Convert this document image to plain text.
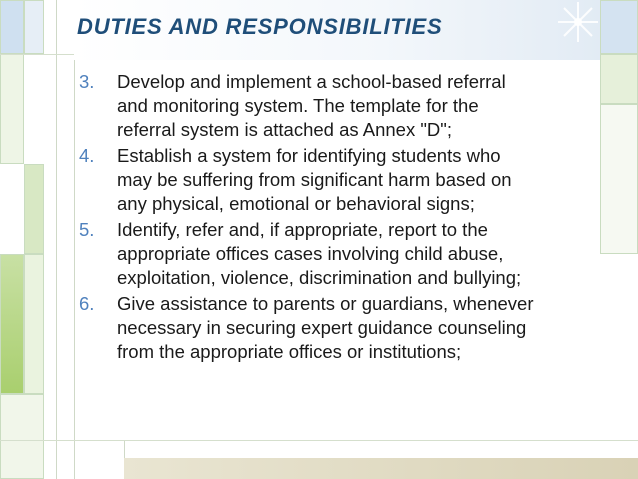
DUTIES AND RESPONSIBILITIES
3.	Develop and implement a school-based referral
and monitoring system. The template for the
referral system is attached as Annex "D";
4.	Establish a system for identifying students who
may be suffering from significant harm based on
any physical, emotional or behavioral signs;
5.	Identify, refer and, if appropriate, report to the
appropriate offices cases involving child abuse,
exploitation, violence, discrimination and bullying;
6.	Give assistance to parents or guardians, whenever
necessary in securing expert guidance counseling
from the appropriate offices or institutions;
